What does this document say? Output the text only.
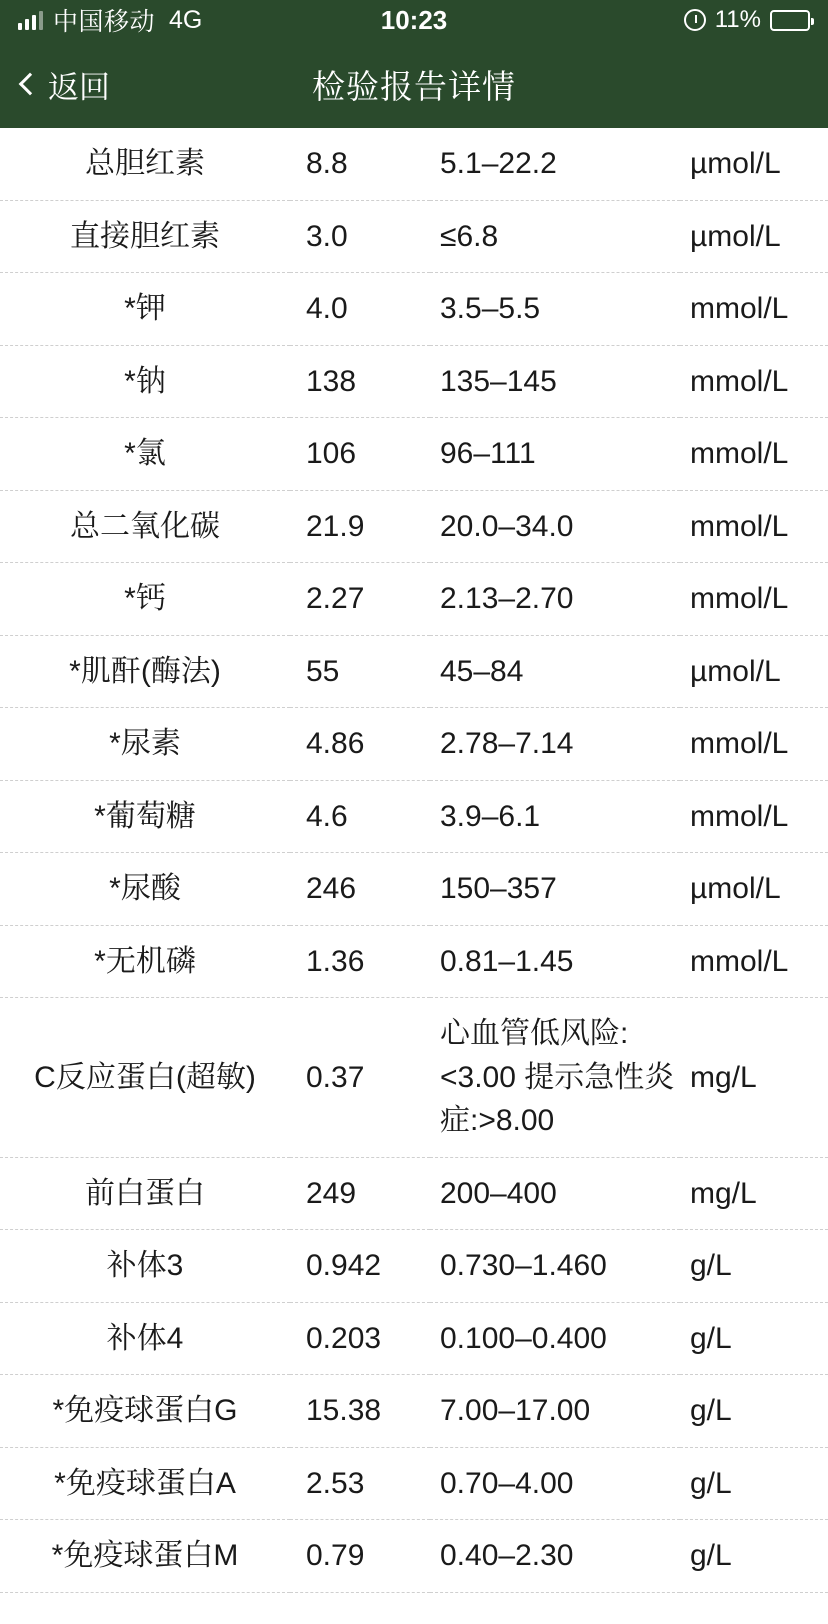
中国移动 4G	10:23	11%
返回	检验报告详情
总胆红素	8.8	5.1–22.2	µmol/L
直接胆红素	3.0	≤6.8	µmol/L
*钾	4.0	3.5–5.5	mmol/L
*钠	138	135–145	mmol/L
*氯	106	96–111	mmol/L
总二氧化碳	21.9	20.0–34.0	mmol/L
*钙	2.27	2.13–2.70	mmol/L
*肌酐(酶法)	55	45–84	µmol/L
*尿素	4.86	2.78–7.14	mmol/L
*葡萄糖	4.6	3.9–6.1	mmol/L
*尿酸	246	150–357	µmol/L
*无机磷	1.36	0.81–1.45	mmol/L
C反应蛋白(超敏)	0.37	心血管低风险:<3.00 提示急性炎症:>8.00	mg/L
前白蛋白	249	200–400	mg/L
补体3	0.942	0.730–1.460	g/L
补体4	0.203	0.100–0.400	g/L
*免疫球蛋白G	15.38	7.00–17.00	g/L
*免疫球蛋白A	2.53	0.70–4.00	g/L
*免疫球蛋白M	0.79	0.40–2.30	g/L
